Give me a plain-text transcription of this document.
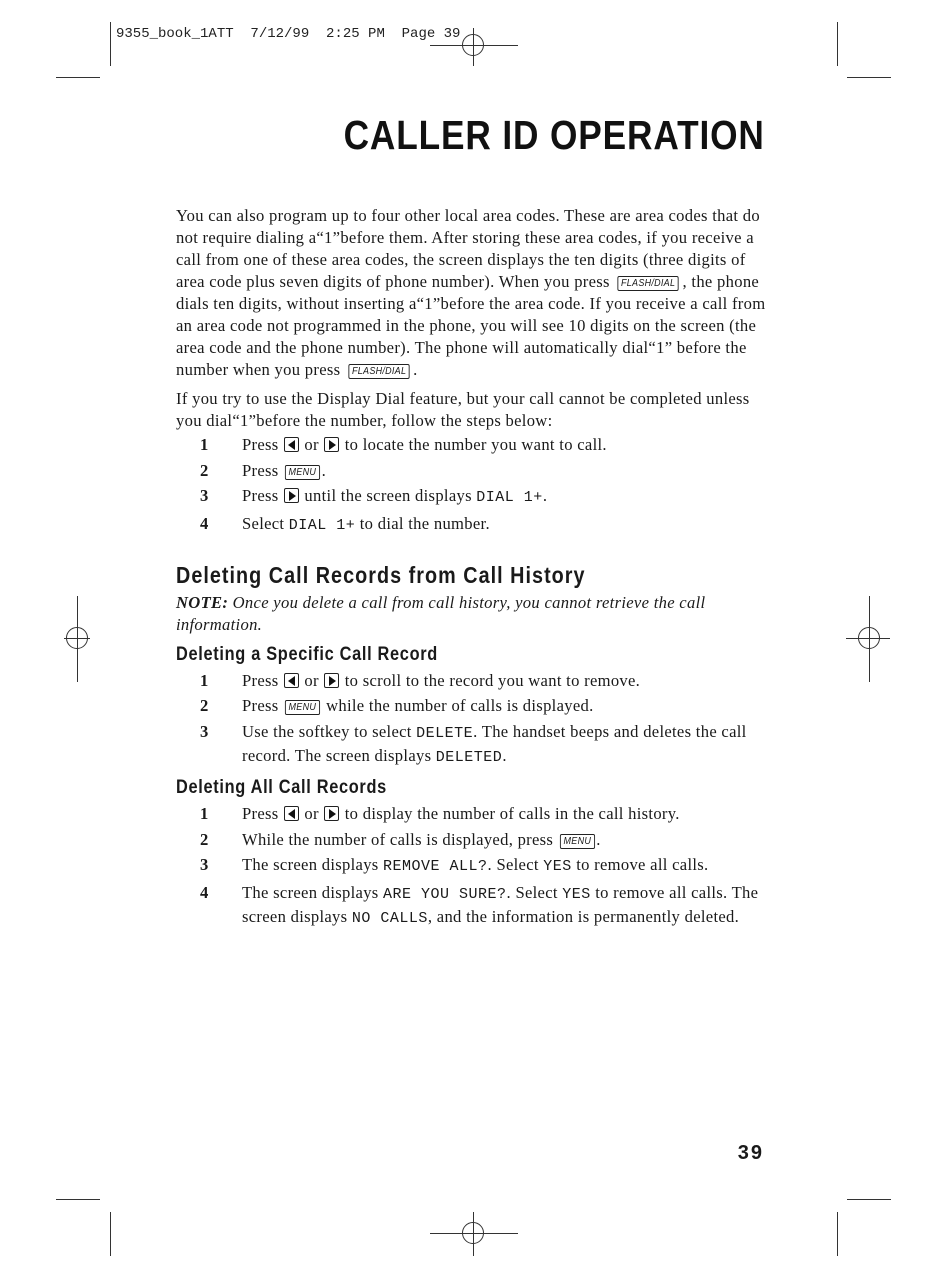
9355_book_1ATT  7/12/99  2:25 PM  Page 39
CALLER ID OPERATION

You can also program up to four other local area codes. These are area codes that do not require dialing a“1”before them. After storing these area codes, if you receive a call from one of these area codes, the screen displays the ten digits (three digits of area code plus seven digits of phone number). When you press FLASH/DIAL , the phone dials ten digits, without inserting a“1”before the area code. If you receive a call from an area code not programmed in the phone, you will see 10 digits on the screen (the area code and the phone number). The phone will automatically dial“1” before the number when you press FLASH/DIAL .

If you try to use the Display Dial feature, but your call cannot be completed unless you dial“1”before the number, follow the steps below:

1	Press  or  to locate the number you want to call.
2	Press MENU .
3	Press  until the screen displays DIAL 1+.
4	Select DIAL 1+ to dial the number.
Deleting Call Records from Call History

NOTE: Once you delete a call from call history, you cannot retrieve the call information.

Deleting a Specific Call Record
1	Press  or  to scroll to the record you want to remove.
2	Press MENU while the number of calls is displayed.
3	Use the softkey to select DELETE. The handset beeps and deletes the call record. The screen displays DELETED.
Deleting All Call Records
1	Press  or  to display the number of calls in the call history.
2	While the number of calls is displayed, press MENU .
3	The screen displays REMOVE ALL?. Select YES to remove all calls.
4	The screen displays ARE YOU SURE?. Select YES to remove all calls. The screen displays NO CALLS, and the information is permanently deleted.
39
